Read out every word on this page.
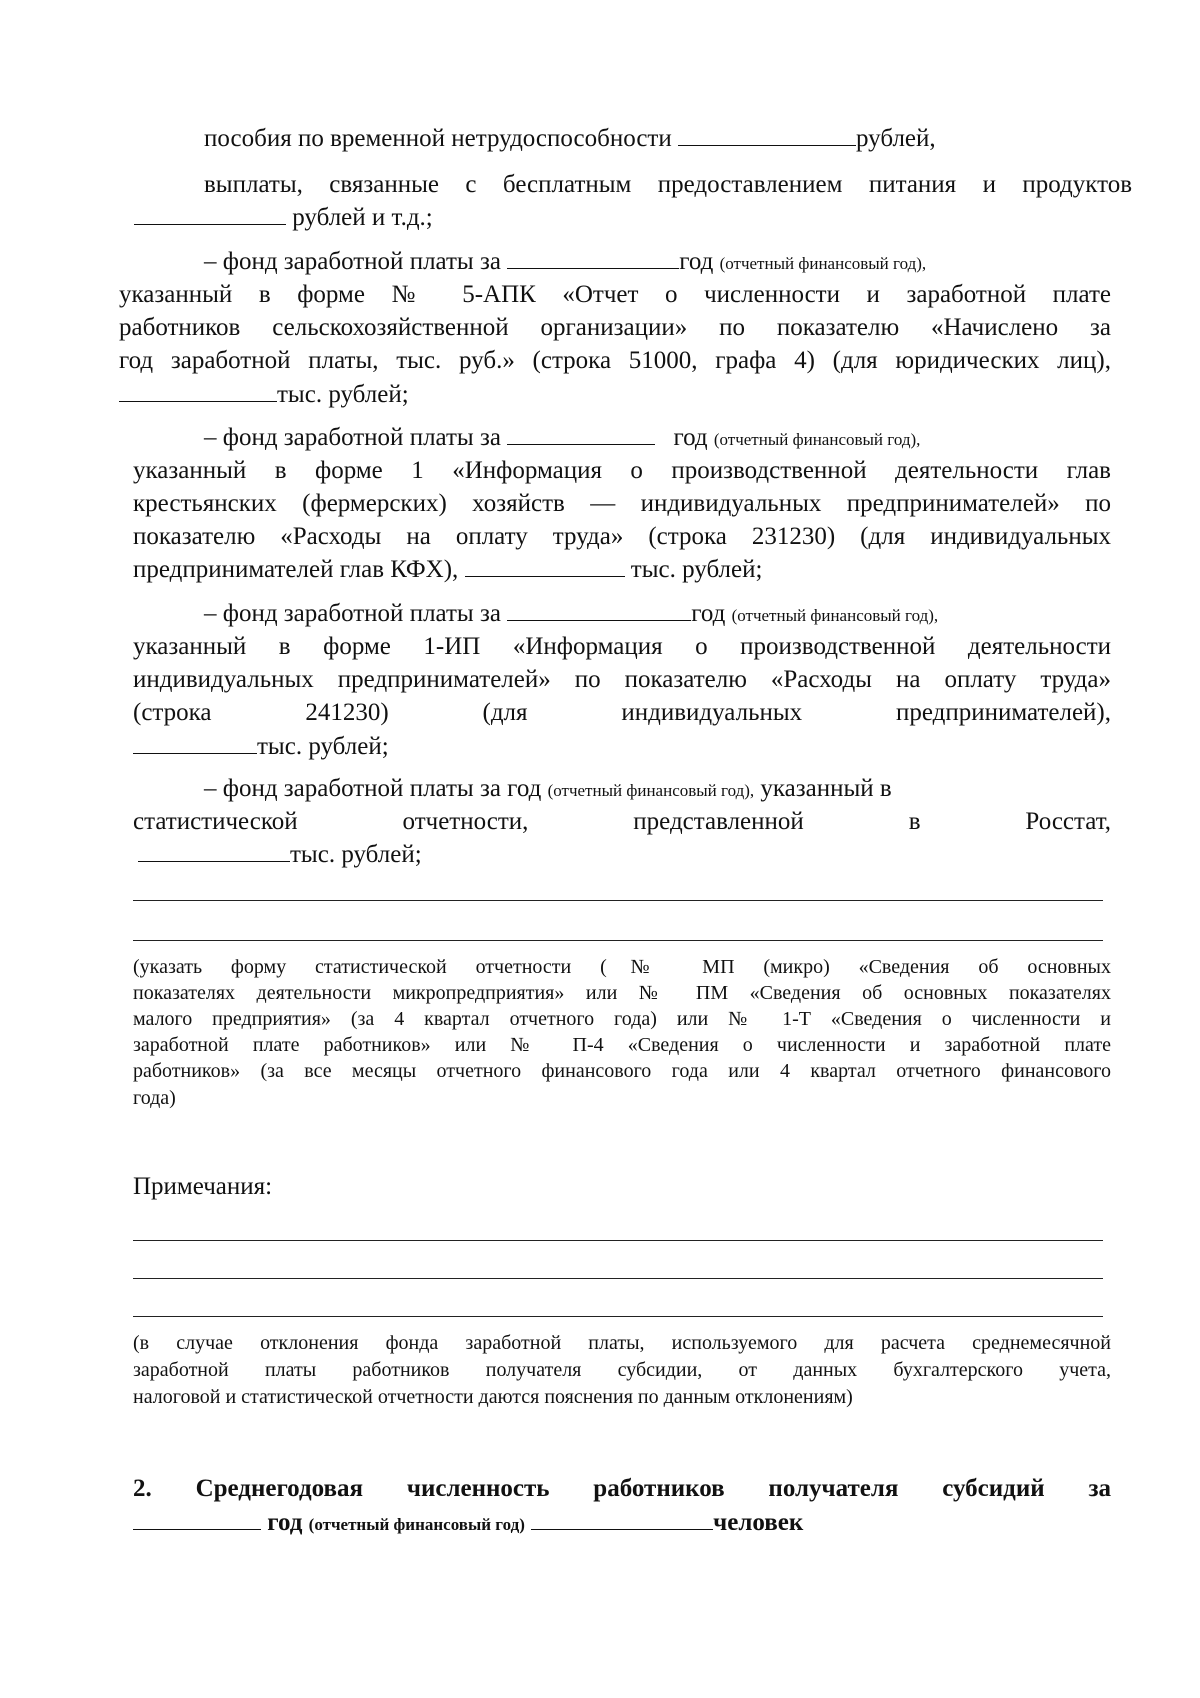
пособия по временной нетрудоспособности	рублей,
выплаты, связанные с бесплатным предоставлением питания и продуктов
рублей и т.д.;
– фонд заработной платы за	год (отчетный финансовый год),
указанный в форме № 5-АПК «Отчет о численности и заработной плате
работников сельскохозяйственной организации» по показателю «Начислено за
год заработной платы, тыс. руб.» (строка 51000, графа 4) (для юридических лиц),
тыс. рублей;
– фонд заработной платы за	год (отчетный финансовый год),
указанный в форме 1 «Информация о производственной деятельности глав
крестьянских (фермерских) хозяйств — индивидуальных предпринимателей» по
показателю «Расходы на оплату труда» (строка 231230) (для индивидуальных
предпринимателей глав КФХ),	тыс. рублей;
– фонд заработной платы за	год (отчетный финансовый год),
указанный в форме 1-ИП «Информация о производственной деятельности
индивидуальных предпринимателей» по показателю «Расходы на оплату труда»
(строка 241230) (для индивидуальных предпринимателей),
тыс. рублей;
– фонд заработной платы за год (отчетный финансовый год), указанный в
статистической отчетности, представленной в Росстат,
тыс. рублей;
(указать форму статистической отчетности (№ МП (микро) «Сведения об основных
показателях деятельности микропредприятия» или № ПМ «Сведения об основных показателях
малого предприятия» (за 4 квартал отчетного года) или № 1-Т «Сведения о численности и
заработной плате работников» или № П-4 «Сведения о численности и заработной плате
работников» (за все месяцы отчетного финансового года или 4 квартал отчетного финансового
года)
Примечания:
(в случае отклонения фонда заработной платы, используемого для расчета среднемесячной
заработной платы работников получателя субсидии, от данных бухгалтерского учета,
налоговой и статистической отчетности даются пояснения по данным отклонениям)
2. Среднегодовая численность работников получателя субсидий за
год (отчетный финансовый год)	человек
